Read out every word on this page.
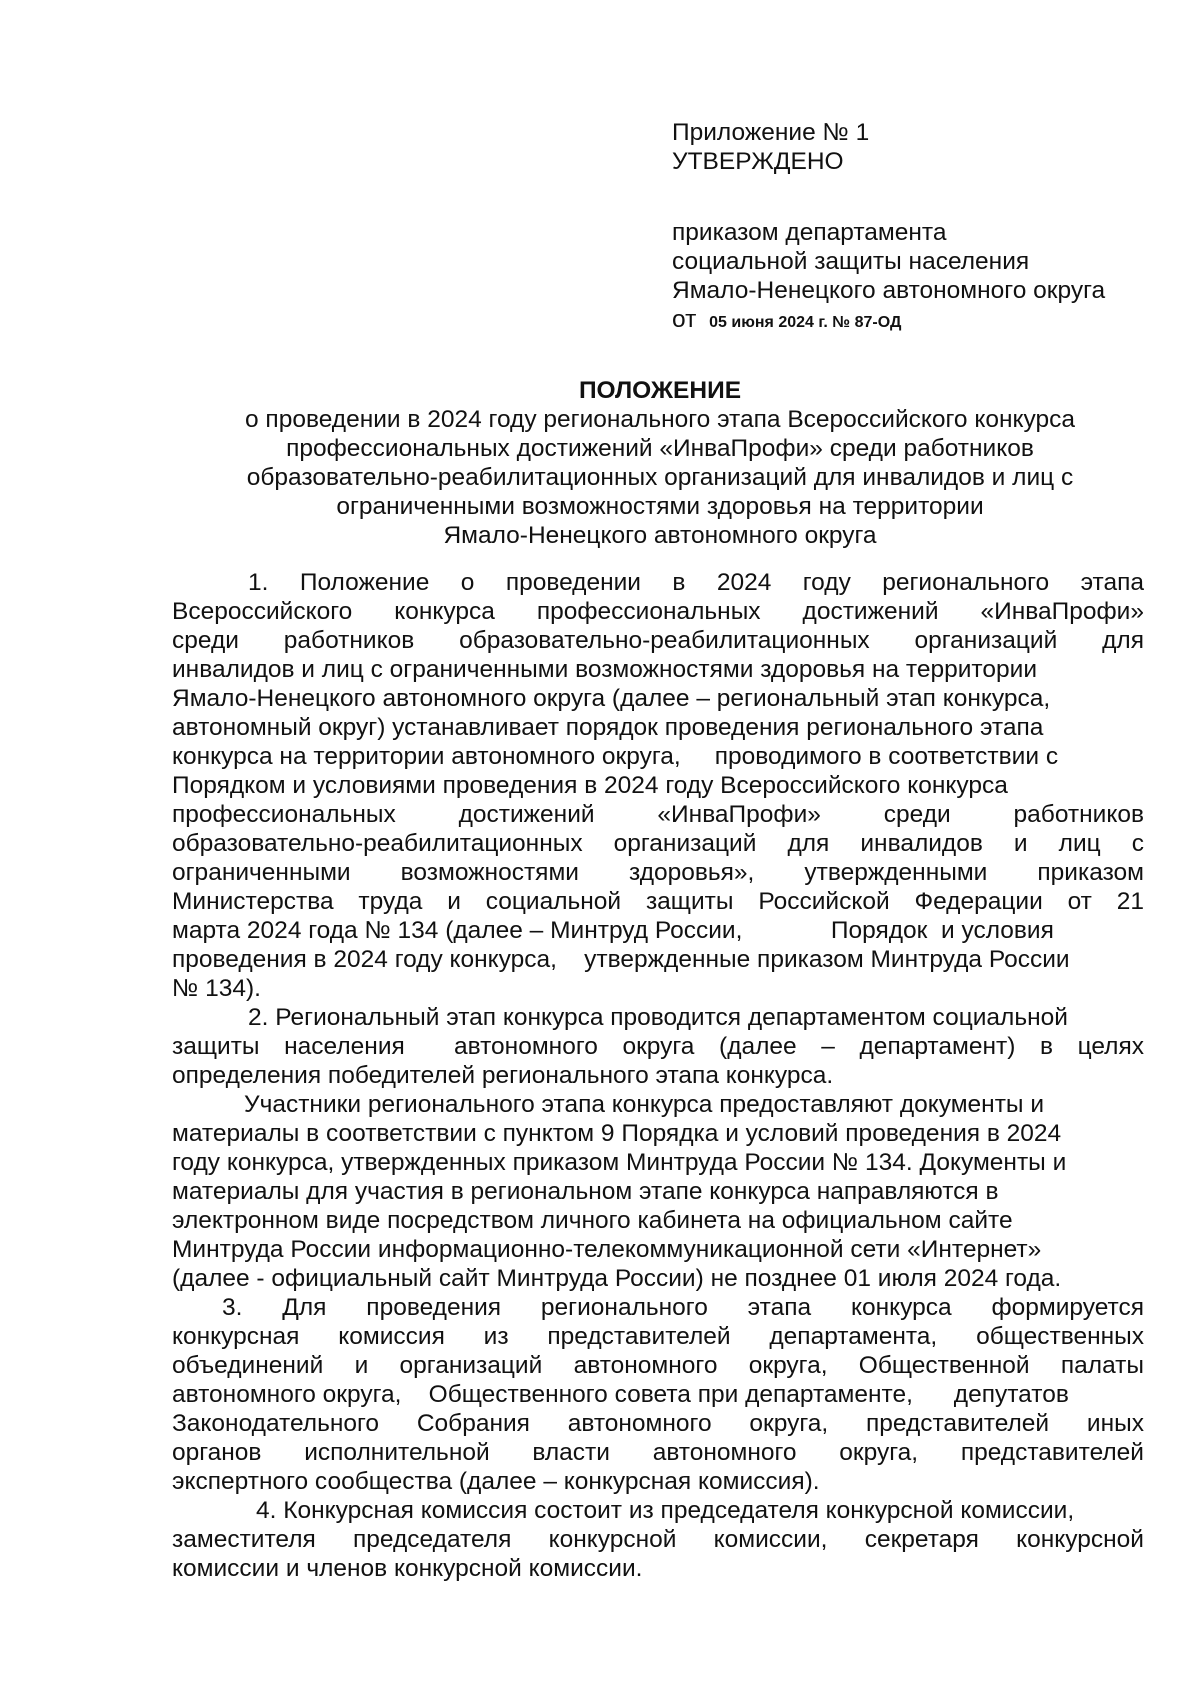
Приложение № 1
УТВЕРЖДЕНО
приказом департамента
социальной защиты населения
Ямало-Ненецкого автономного округа
от 05 июня 2024 г. № 87-ОД
ПОЛОЖЕНИЕ
о проведении в 2024 году регионального этапа Всероссийского конкурса
профессиональных достижений «ИнваПрофи» среди работников
образовательно-реабилитационных организаций для инвалидов и лиц с
ограниченными возможностями здоровья на территории
Ямало-Ненецкого автономного округа
1. Положение о проведении в 2024 году регионального этапа
Всероссийского конкурса профессиональных достижений «ИнваПрофи»
среди работников образовательно-реабилитационных организаций для
инвалидов и лиц с ограниченными возможностями здоровья на территории
Ямало-Ненецкого автономного округа (далее – региональный этап конкурса,
автономный округ) устанавливает порядок проведения регионального этапа
конкурса на территории автономного округа,     проводимого в соответствии с
Порядком и условиями проведения в 2024 году Всероссийского конкурса
профессиональных достижений «ИнваПрофи» среди работников
образовательно-реабилитационных организаций для инвалидов и лиц с
ограниченными возможностями здоровья», утвержденными приказом
Министерства труда и социальной защиты Российской Федерации от 21
марта 2024 года № 134 (далее – Минтруд России,             Порядок  и условия
проведения в 2024 году конкурса,    утвержденные приказом Минтруда России
№ 134).
2. Региональный этап конкурса проводится департаментом социальной
защиты населения  автономного округа (далее – департамент) в целях
определения победителей регионального этапа конкурса.
Участники регионального этапа конкурса предоставляют документы и
материалы в соответствии с пунктом 9 Порядка и условий проведения в 2024
году конкурса, утвержденных приказом Минтруда России № 134. Документы и
материалы для участия в региональном этапе конкурса направляются в
электронном виде посредством личного кабинета на официальном сайте
Минтруда России информационно-телекоммуникационной сети «Интернет»
(далее - официальный сайт Минтруда России) не позднее 01 июля 2024 года.
3. Для проведения регионального этапа конкурса формируется
конкурсная комиссия из представителей департамента, общественных
объединений и организаций автономного округа, Общественной палаты
автономного округа,    Общественного совета при департаменте,      депутатов
Законодательного Собрания автономного округа, представителей иных
органов исполнительной власти автономного округа, представителей
экспертного сообщества (далее – конкурсная комиссия).
4. Конкурсная комиссия состоит из председателя конкурсной комиссии,
заместителя председателя конкурсной комиссии, секретаря конкурсной
комиссии и членов конкурсной комиссии.
